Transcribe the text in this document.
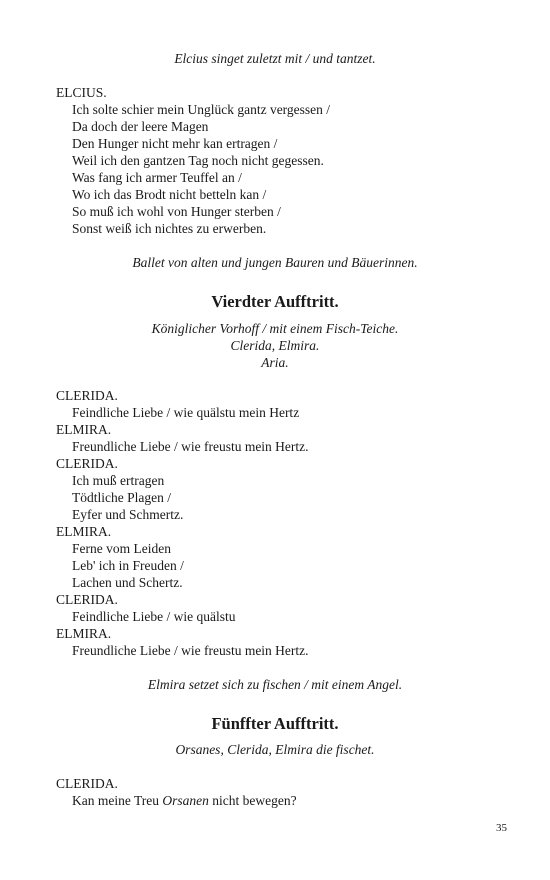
Elcius singet zuletzt mit / und tantzet.
ELCIUS.
Ich solte schier mein Unglück gantz vergessen /
Da doch der leere Magen
Den Hunger nicht mehr kan ertragen /
Weil ich den gantzen Tag noch nicht gegessen.
Was fang ich armer Teuffel an /
Wo ich das Brodt nicht betteln kan /
So muß ich wohl von Hunger sterben /
Sonst weiß ich nichtes zu erwerben.
Ballet von alten und jungen Bauren und Bäuerinnen.
Vierdter Aufftritt.
Königlicher Vorhoff / mit einem Fisch-Teiche.
Clerida, Elmira.
Aria.
CLERIDA.
Feindliche Liebe / wie quälstu mein Hertz
ELMIRA.
Freundliche Liebe / wie freustu mein Hertz.
CLERIDA.
Ich muß ertragen
Tödtliche Plagen /
Eyfer und Schmertz.
ELMIRA.
Ferne vom Leiden
Leb' ich in Freuden /
Lachen und Schertz.
CLERIDA.
Feindliche Liebe / wie quälstu
ELMIRA.
Freundliche Liebe / wie freustu mein Hertz.
Elmira setzet sich zu fischen / mit einem Angel.
Fünffter Aufftritt.
Orsanes, Clerida, Elmira die fischet.
CLERIDA.
Kan meine Treu Orsanen nicht bewegen?
35
